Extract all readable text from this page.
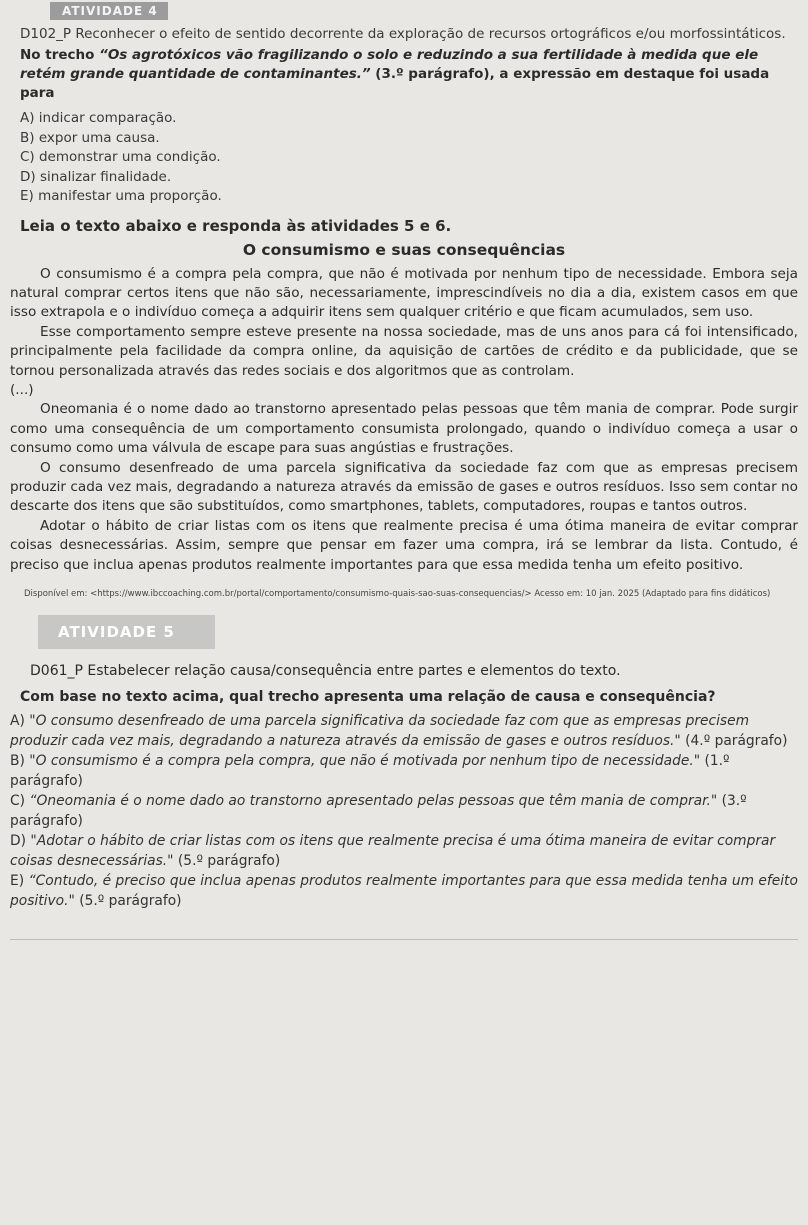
ATIVIDADE 4

D102_P Reconhecer o efeito de sentido decorrente da exploração de recursos ortográficos e/ou morfossintáticos.

No trecho “Os agrotóxicos vão fragilizando o solo e reduzindo a sua fertilidade à medida que ele retém grande quantidade de contaminantes.” (3.º parágrafo), a expressão em destaque foi usada para

A) indicar comparação.

B) expor uma causa.

C) demonstrar uma condição.

D) sinalizar finalidade.

E) manifestar uma proporção.

Leia o texto abaixo e responda às atividades 5 e 6.

O consumismo e suas consequências

O consumismo é a compra pela compra, que não é motivada por nenhum tipo de necessidade. Embora seja natural comprar certos itens que não são, necessariamente, imprescindíveis no dia a dia, existem casos em que isso extrapola e o indivíduo começa a adquirir itens sem qualquer critério e que ficam acumulados, sem uso.

Esse comportamento sempre esteve presente na nossa sociedade, mas de uns anos para cá foi intensificado, principalmente pela facilidade da compra online, da aquisição de cartões de crédito e da publicidade, que se tornou personalizada através das redes sociais e dos algoritmos que as controlam.

(...)

Oneomania é o nome dado ao transtorno apresentado pelas pessoas que têm mania de comprar. Pode surgir como uma consequência de um comportamento consumista prolongado, quando o indivíduo começa a usar o consumo como uma válvula de escape para suas angústias e frustrações.

O consumo desenfreado de uma parcela significativa da sociedade faz com que as empresas precisem produzir cada vez mais, degradando a natureza através da emissão de gases e outros resíduos. Isso sem contar no descarte dos itens que são substituídos, como smartphones, tablets, computadores, roupas e tantos outros.

Adotar o hábito de criar listas com os itens que realmente precisa é uma ótima maneira de evitar comprar coisas desnecessárias. Assim, sempre que pensar em fazer uma compra, irá se lembrar da lista. Contudo, é preciso que inclua apenas produtos realmente importantes para que essa medida tenha um efeito positivo.

Disponível em: <https://www.ibccoaching.com.br/portal/comportamento/consumismo-quais-sao-suas-consequencias/> Acesso em: 10 jan. 2025 (Adaptado para fins didáticos)

ATIVIDADE 5

D061_P Estabelecer relação causa/consequência entre partes e elementos do texto.

Com base no texto acima, qual trecho apresenta uma relação de causa e consequência?

A) "O consumo desenfreado de uma parcela significativa da sociedade faz com que as empresas precisem produzir cada vez mais, degradando a natureza através da emissão de gases e outros resíduos." (4.º parágrafo)

B) "O consumismo é a compra pela compra, que não é motivada por nenhum tipo de necessidade." (1.º parágrafo)

C) “Oneomania é o nome dado ao transtorno apresentado pelas pessoas que têm mania de comprar." (3.º parágrafo)

D) "Adotar o hábito de criar listas com os itens que realmente precisa é uma ótima maneira de evitar comprar coisas desnecessárias." (5.º parágrafo)

E) “Contudo, é preciso que inclua apenas produtos realmente importantes para que essa medida tenha um efeito positivo." (5.º parágrafo)
